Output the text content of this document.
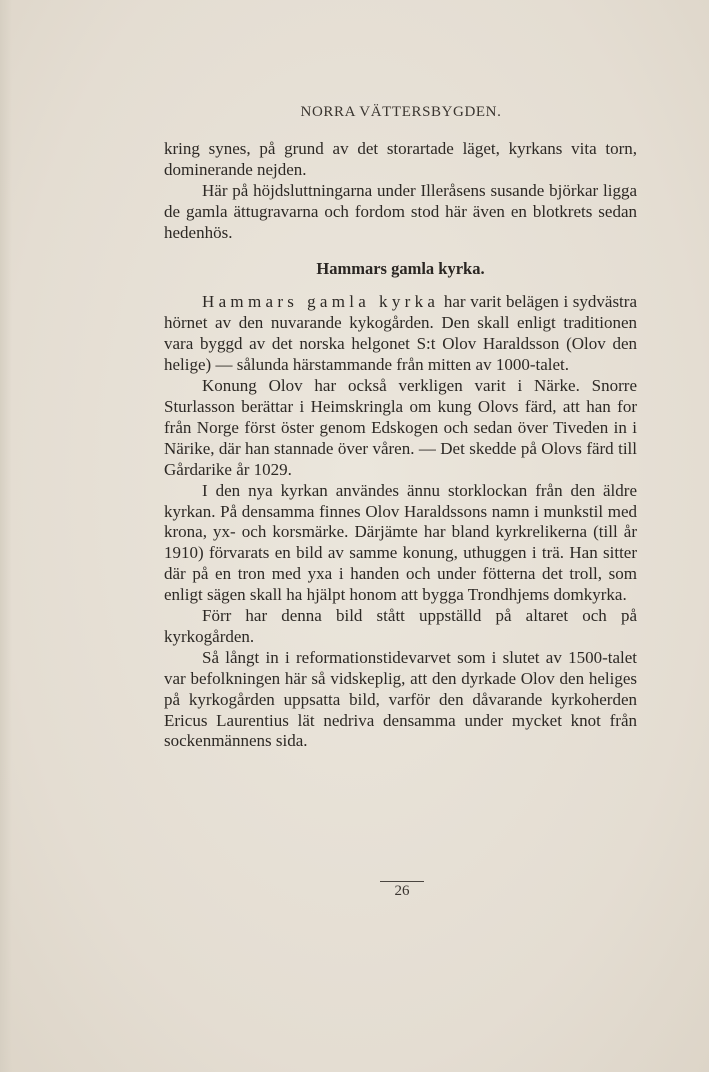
NORRA VÄTTERSBYGDEN.

kring synes, på grund av det storartade läget, kyrkans vita torn, dominerande nejden.

Här på höjdsluttningarna under Illeråsens susande björkar ligga de gamla ättugravarna och fordom stod här även en blotkrets sedan hedenhös.

Hammars gamla kyrka.

Hammars gamla kyrka har varit belägen i sydvästra hörnet av den nuvarande kykogården. Den skall enligt traditionen vara byggd av det norska helgonet S:t Olov Haraldsson (Olov den helige) — sålunda härstammande från mitten av 1000-talet.

Konung Olov har också verkligen varit i Närke. Snorre Sturlasson berättar i Heimskringla om kung Olovs färd, att han for från Norge först öster genom Edskogen och sedan över Tiveden in i Närike, där han stannade över våren. — Det skedde på Olovs färd till Gårdarike år 1029.

I den nya kyrkan användes ännu storklockan från den äldre kyrkan. På densamma finnes Olov Haraldssons namn i munkstil med krona, yx- och korsmärke. Därjämte har bland kyrkrelikerna (till år 1910) förvarats en bild av samme konung, uthuggen i trä. Han sitter där på en tron med yxa i handen och under fötterna det troll, som enligt sägen skall ha hjälpt honom att bygga Trondhjems domkyrka.

Förr har denna bild stått uppställd på altaret och på kyrkogården.

Så långt in i reformationstidevarvet som i slutet av 1500-talet var befolkningen här så vidskeplig, att den dyrkade Olov den heliges på kyrkogården uppsatta bild, varför den dåvarande kyrkoherden Ericus Laurentius lät nedriva densamma under mycket knot från sockenmännens sida.

26
